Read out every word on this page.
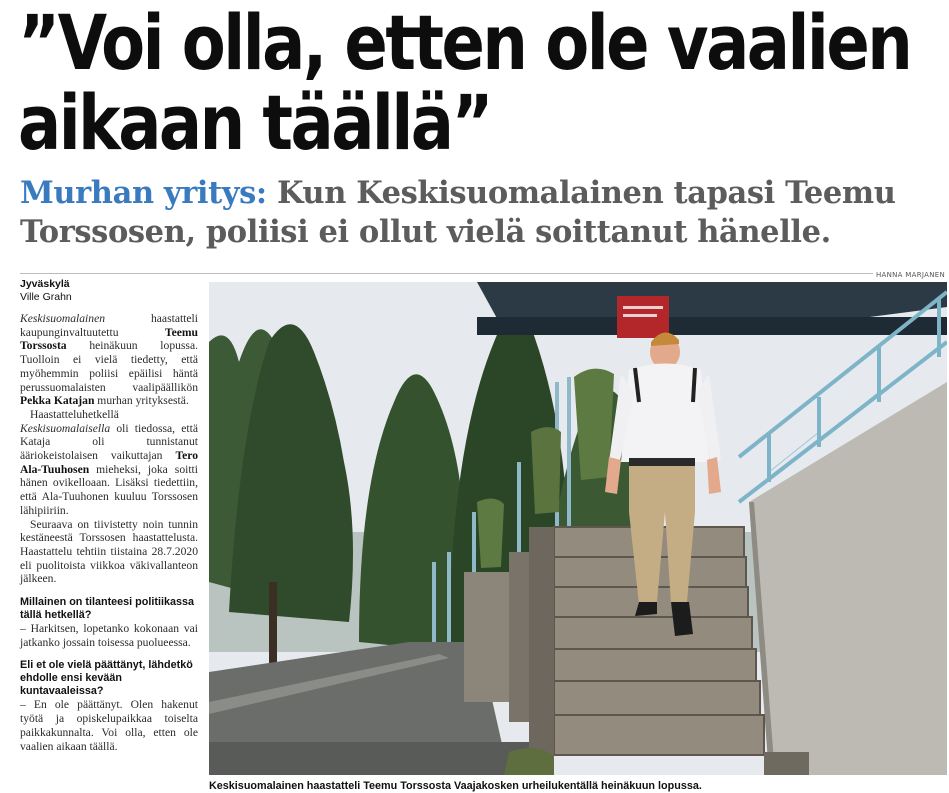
”Voi olla, etten ole vaalien aikaan täällä”

Murhan yritys: Kun Keskisuomalainen tapasi Teemu Torssosen, poliisi ei ollut vielä soittanut hänelle.

HANNA MARJANEN

Jyväskylä

Ville Grahn

Keskisuomalainen haastatteli kaupunginvaltuutettu Teemu Torssosta heinäkuun lopussa. Tuolloin ei vielä tiedetty, että myöhemmin poliisi epäilisi häntä perussuomalaisten vaalipäällikön Pekka Katajan murhan yrityksestä.

Haastatteluhetkellä Keskisuomalaisella oli tiedossa, että Kataja oli tunnistanut ääriokeistolaisen vaikuttajan Tero Ala-Tuuhosen mieheksi, joka soitti hänen ovikelloaan. Lisäksi tiedettiin, että Ala-Tuuhonen kuuluu Torssosen lähipiiriin.

Seuraava on tiivistetty noin tunnin kestäneestä Torssosen haastattelusta. Haastattelu tehtiin tiistaina 28.7.2020 eli puolitoista viikkoa väkivallanteon jälkeen.

Millainen on tilanteesi politiikassa tällä hetkellä?

– Harkitsen, lopetanko kokonaan vai jatkanko jossain toisessa puolueessa.

Eli et ole vielä päättänyt, lähdetkö ehdolle ensi kevään kuntavaaleissa?

– En ole päättänyt. Olen hakenut työtä ja opiskelupaikkaa toiselta paikkakunnalta. Voi olla, etten ole vaalien aikaan täällä.

Keskisuomalainen haastatteli Teemu Torssosta Vaajakosken urheilukentällä heinäkuun lopussa.
